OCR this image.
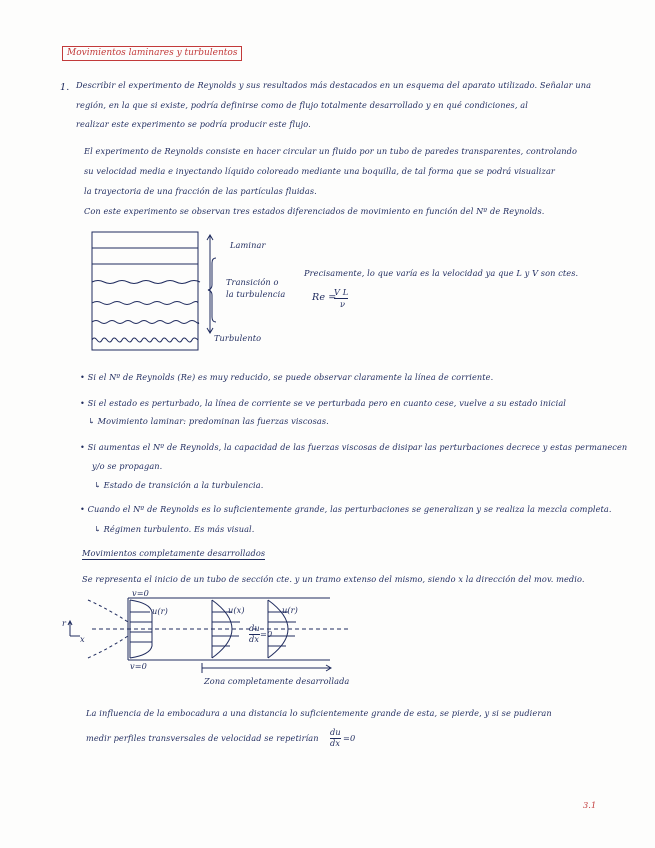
Movimientos laminares y turbulentos
1. Describir el experimento de Reynolds y sus resultados más destacados en un esquema del aparato utilizado. Señalar una
región, en la que si existe, podría definirse como de flujo totalmente desarrollado y en qué condiciones, al
realizar este experimento se podría producir este flujo.
El experimento de Reynolds consiste en hacer circular un fluido por un tubo de paredes transparentes, controlando
su velocidad media e inyectando líquido coloreado mediante una boquilla, de tal forma que se podrá visualizar
la trayectoria de una fracción de las partículas fluidas.
Con este experimento se observan tres estados diferenciados de movimiento en función del Nº de Reynolds.
Laminar
Transición o
la turbulencia
Turbulento
Precisamente, lo que varía es la velocidad ya que L y V son ctes.
Re =
V L
ν
• Si el Nº de Reynolds (Re) es muy reducido, se puede observar claramente la línea de corriente.
• Si el estado es perturbado, la línea de corriente se ve perturbada pero en cuanto cese, vuelve a su estado inicial
↳ Movimiento laminar: predominan las fuerzas viscosas.
• Si aumentas el Nº de Reynolds, la capacidad de las fuerzas viscosas de disipar las perturbaciones decrece y estas permanecen
y/o se propagan.
↳ Estado de transición a la turbulencia.
• Cuando el Nº de Reynolds es lo suficientemente grande, las perturbaciones se generalizan y se realiza la mezcla completa.
↳ Régimen turbulento. Es más visual.
Movimientos completamente desarrollados
Se representa el inicio de un tubo de sección cte. y un tramo extenso del mismo, siendo x la dirección del mov. medio.
v=0
v=0
u(r)	u(x)	u(r)
du
dx =0
r
x
Zona completamente desarrollada
La influencia de la embocadura a una distancia lo suficientemente grande de esta, se pierde, y si se pudieran
medir perfiles transversales de velocidad se repetirían
du
dx =0
3.1
